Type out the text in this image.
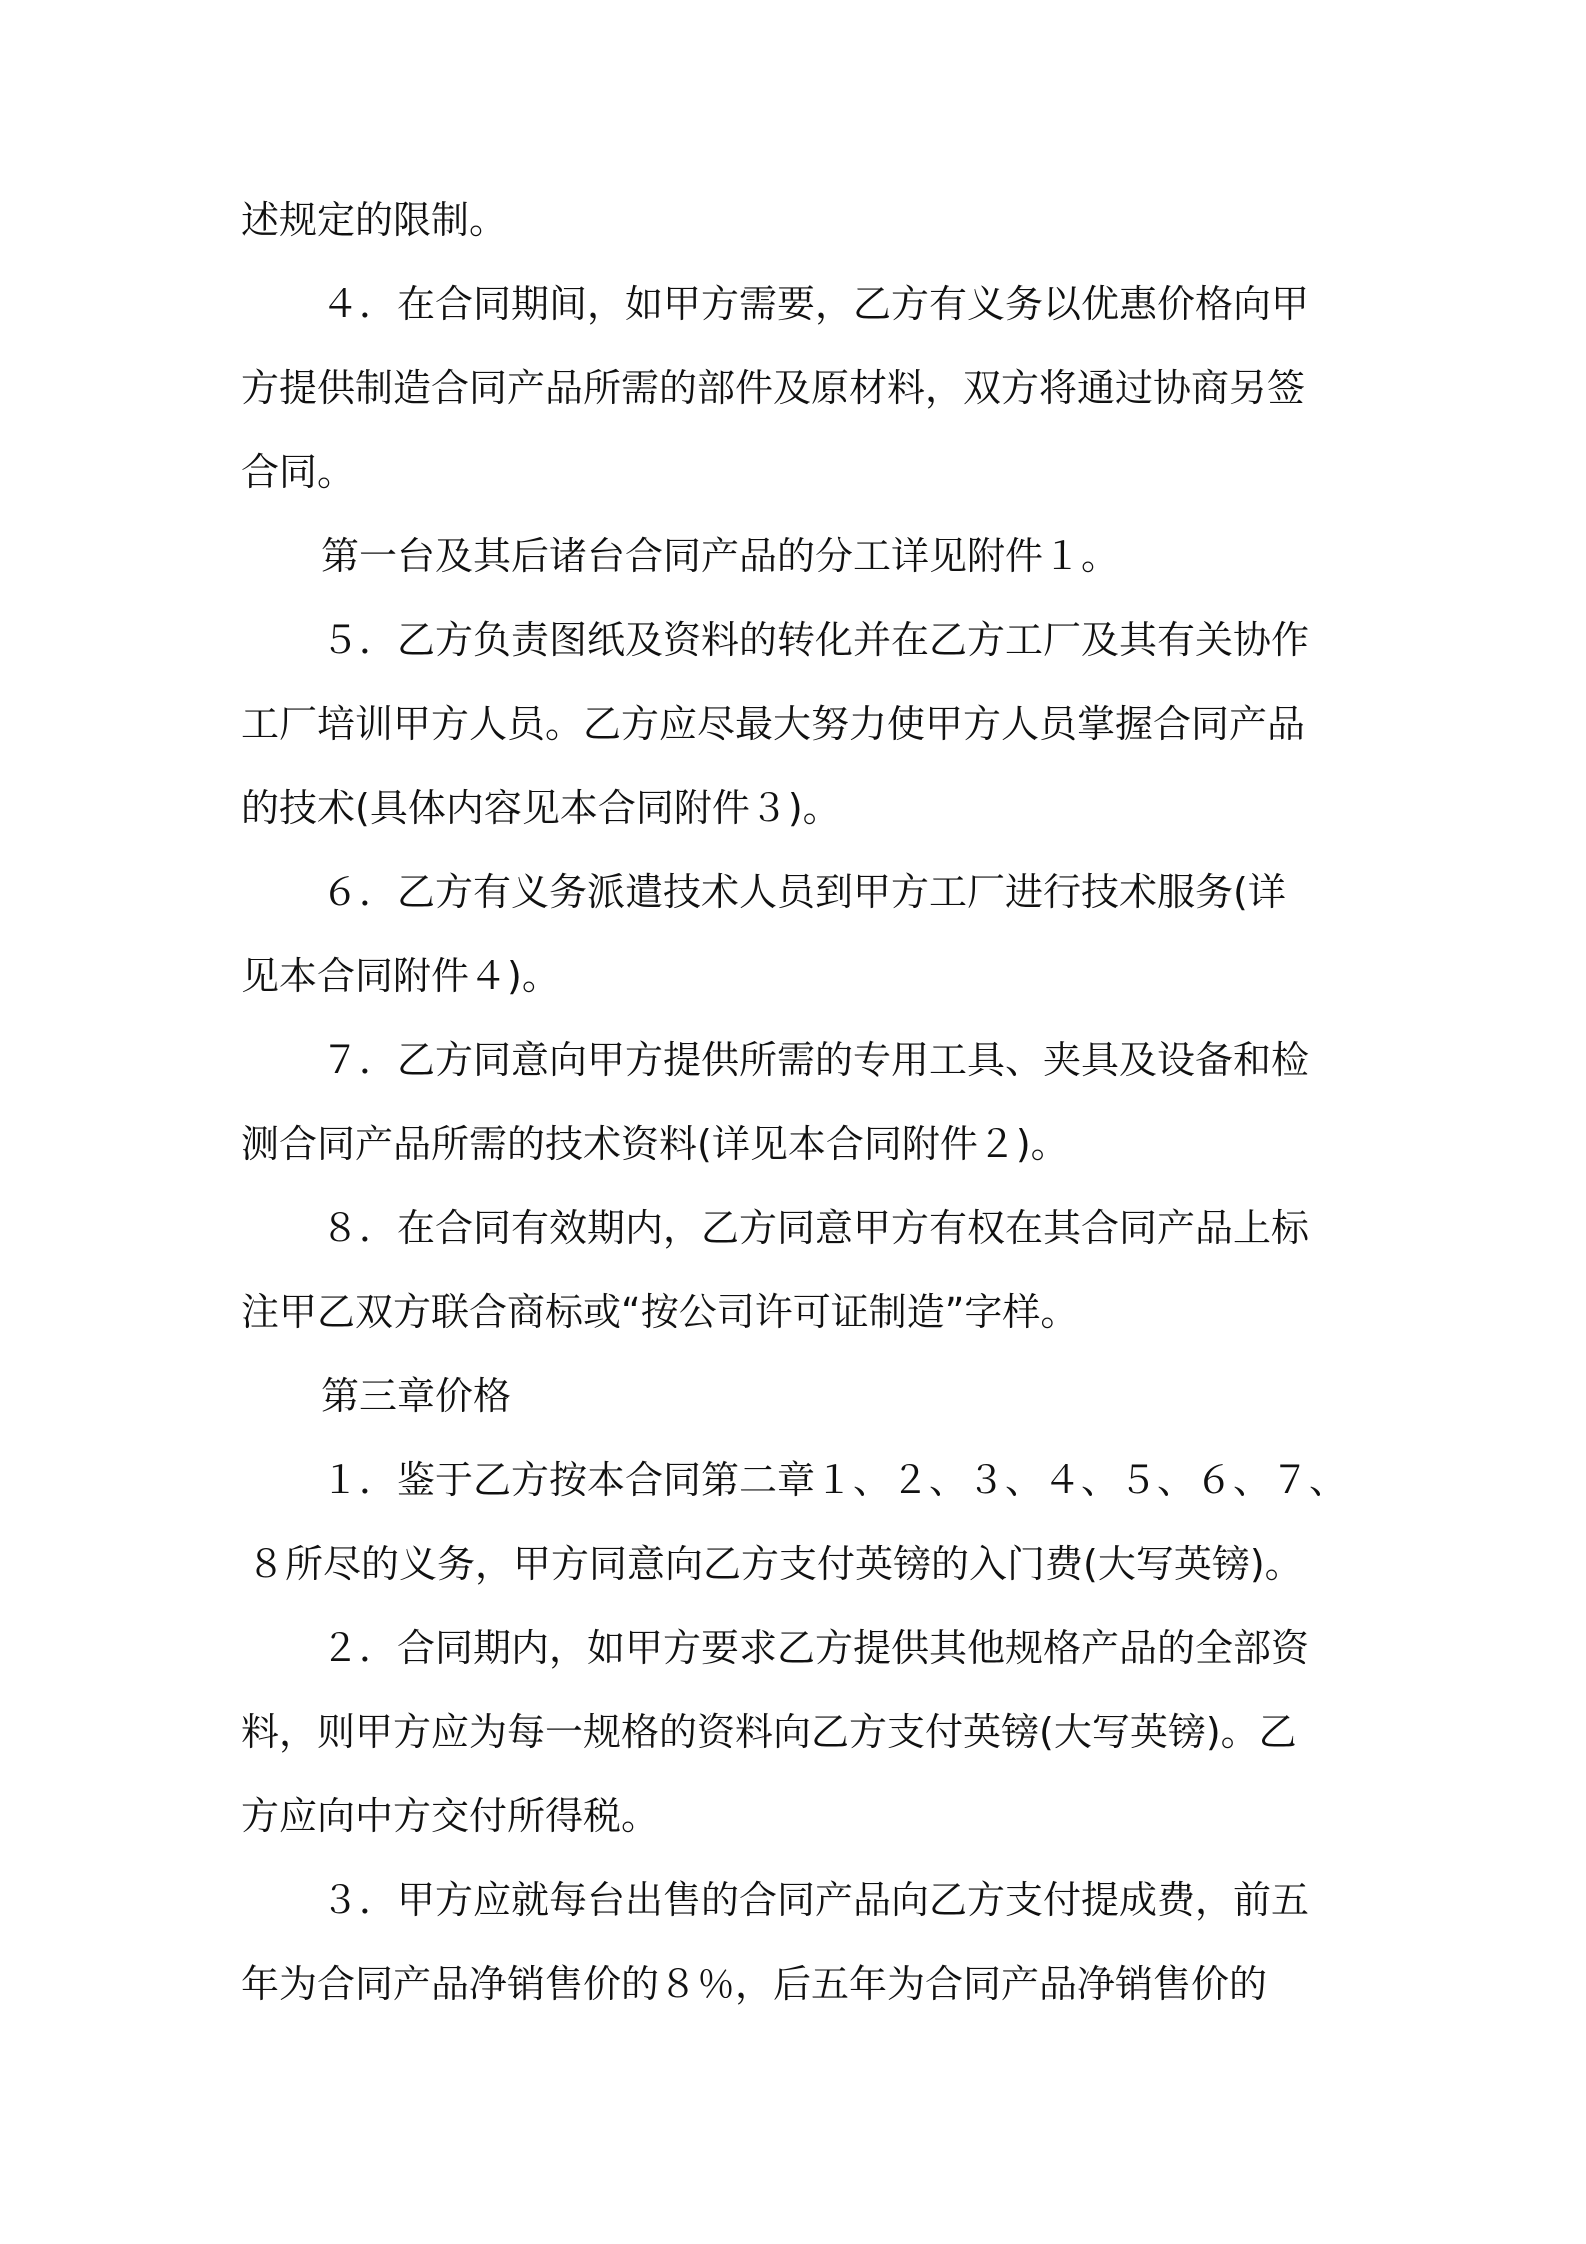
述规定的限制。
４．在合同期间，如甲方需要，乙方有义务以优惠价格向甲
方提供制造合同产品所需的部件及原材料，双方将通过协商另签
合同。
第一台及其后诸台合同产品的分工详见附件１。
５．乙方负责图纸及资料的转化并在乙方工厂及其有关协作
工厂培训甲方人员。乙方应尽最大努力使甲方人员掌握合同产品
的技术(具体内容见本合同附件３)。
６．乙方有义务派遣技术人员到甲方工厂进行技术服务(详
见本合同附件４)。
７．乙方同意向甲方提供所需的专用工具、夹具及设备和检
测合同产品所需的技术资料(详见本合同附件２)。
８．在合同有效期内，乙方同意甲方有权在其合同产品上标
注甲乙双方联合商标或“按公司许可证制造”字样。
第三章价格
１．鉴于乙方按本合同第二章１、２、３、４、５、６、７、
８所尽的义务，甲方同意向乙方支付英镑的入门费(大写英镑)。
２．合同期内，如甲方要求乙方提供其他规格产品的全部资
料，则甲方应为每一规格的资料向乙方支付英镑(大写英镑)。乙
方应向中方交付所得税。
３．甲方应就每台出售的合同产品向乙方支付提成费，前五
年为合同产品净销售价的８％，后五年为合同产品净销售价的
